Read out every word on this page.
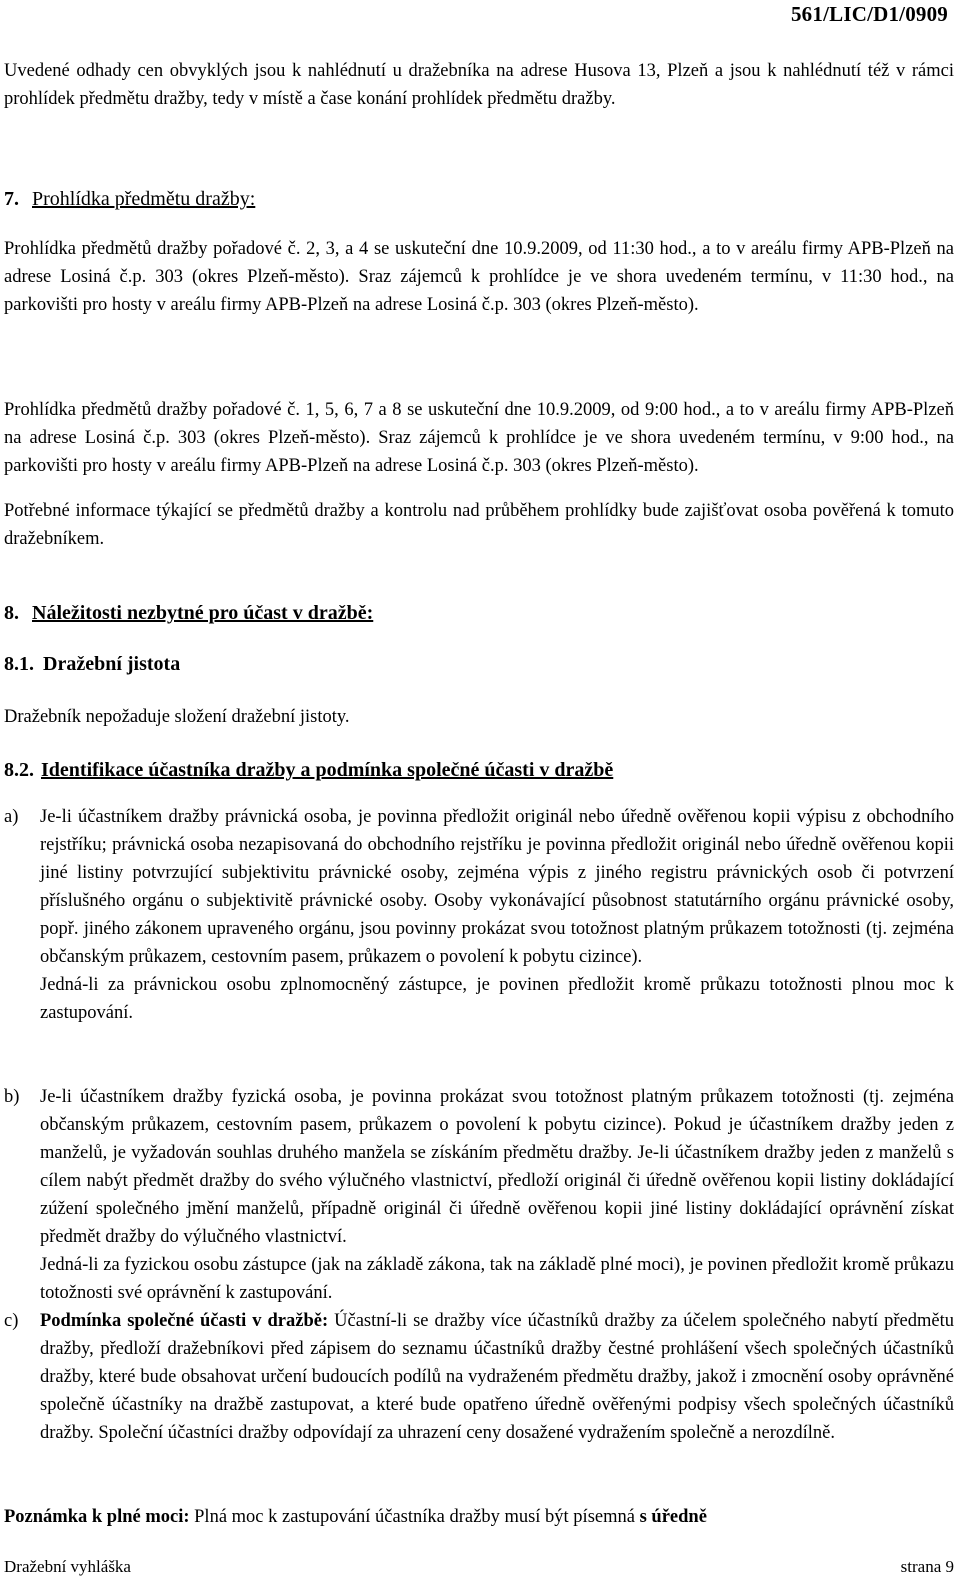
561/LIC/D1/0909

Uvedené odhady cen obvyklých jsou k nahlédnutí u dražebníka na adrese Husova 13, Plzeň a jsou k nahlédnutí též v rámci prohlídek předmětu dražby, tedy v místě a čase konání prohlídek předmětu dražby.

7. Prohlídka předmětu dražby:

Prohlídka předmětů dražby pořadové č. 2, 3, a 4 se uskuteční dne 10.9.2009, od 11:30 hod., a to v areálu firmy APB-Plzeň na adrese Losiná č.p. 303 (okres Plzeň-město). Sraz zájemců k prohlídce je ve shora uvedeném termínu, v 11:30 hod., na parkovišti pro hosty v areálu firmy APB-Plzeň na adrese Losiná č.p. 303 (okres Plzeň-město).

Prohlídka předmětů dražby pořadové č. 1, 5, 6, 7 a 8 se uskuteční dne 10.9.2009, od 9:00 hod., a to v areálu firmy APB-Plzeň na adrese Losiná č.p. 303 (okres Plzeň-město). Sraz zájemců k prohlídce je ve shora uvedeném termínu, v 9:00 hod., na parkovišti pro hosty v areálu firmy APB-Plzeň na adrese Losiná č.p. 303 (okres Plzeň-město).

Potřebné informace týkající se předmětů dražby a kontrolu nad průběhem prohlídky bude zajišťovat osoba pověřená k tomuto dražebníkem.

8. Náležitosti nezbytné pro účast v dražbě:
8.1. Dražební jistota

Dražebník nepožaduje složení dražební jistoty.

8.2. Identifikace účastníka dražby a podmínka společné účasti v dražbě
a) Je-li účastníkem dražby právnická osoba, je povinna předložit originál nebo úředně ověřenou kopii výpisu z obchodního rejstříku; právnická osoba nezapisovaná do obchodního rejstříku je povinna předložit originál nebo úředně ověřenou kopii jiné listiny potvrzující subjektivitu právnické osoby, zejména výpis z jiného registru právnických osob či potvrzení příslušného orgánu o subjektivitě právnické osoby. Osoby vykonávající působnost statutárního orgánu právnické osoby, popř. jiného zákonem upraveného orgánu, jsou povinny prokázat svou totožnost platným průkazem totožnosti (tj. zejména občanským průkazem, cestovním pasem, průkazem o povolení k pobytu cizince).

Jedná-li za právnickou osobu zplnomocněný zástupce, je povinen předložit kromě průkazu totožnosti plnou moc k zastupování.

b) Je-li účastníkem dražby fyzická osoba, je povinna prokázat svou totožnost platným průkazem totožnosti (tj. zejména občanským průkazem, cestovním pasem, průkazem o povolení k pobytu cizince). Pokud je účastníkem dražby jeden z manželů, je vyžadován souhlas druhého manžela se získáním předmětu dražby. Je-li účastníkem dražby jeden z manželů s cílem nabýt předmět dražby do svého výlučného vlastnictví, předloží originál či úředně ověřenou kopii listiny dokládající zúžení společného jmění manželů, případně originál či úředně ověřenou kopii jiné listiny dokládající oprávnění získat předmět dražby do výlučného vlastnictví.

Jedná-li za fyzickou osobu zástupce (jak na základě zákona, tak na základě plné moci), je povinen předložit kromě průkazu totožnosti své oprávnění k zastupování.

c) Podmínka společné účasti v dražbě: Účastní-li se dražby více účastníků dražby za účelem společného nabytí předmětu dražby, předloží dražebníkovi před zápisem do seznamu účastníků dražby čestné prohlášení všech společných účastníků dražby, které bude obsahovat určení budoucích podílů na vydraženém předmětu dražby, jakož i zmocnění osoby oprávněné společně účastníky na dražbě zastupovat, a které bude opatřeno úředně ověřenými podpisy všech společných účastníků dražby. Společní účastníci dražby odpovídají za uhrazení ceny dosažené vydražením společně a nerozdílně.

Poznámka k plné moci: Plná moc k zastupování účastníka dražby musí být písemná s úředně

Dražební vyhláška	strana 9
